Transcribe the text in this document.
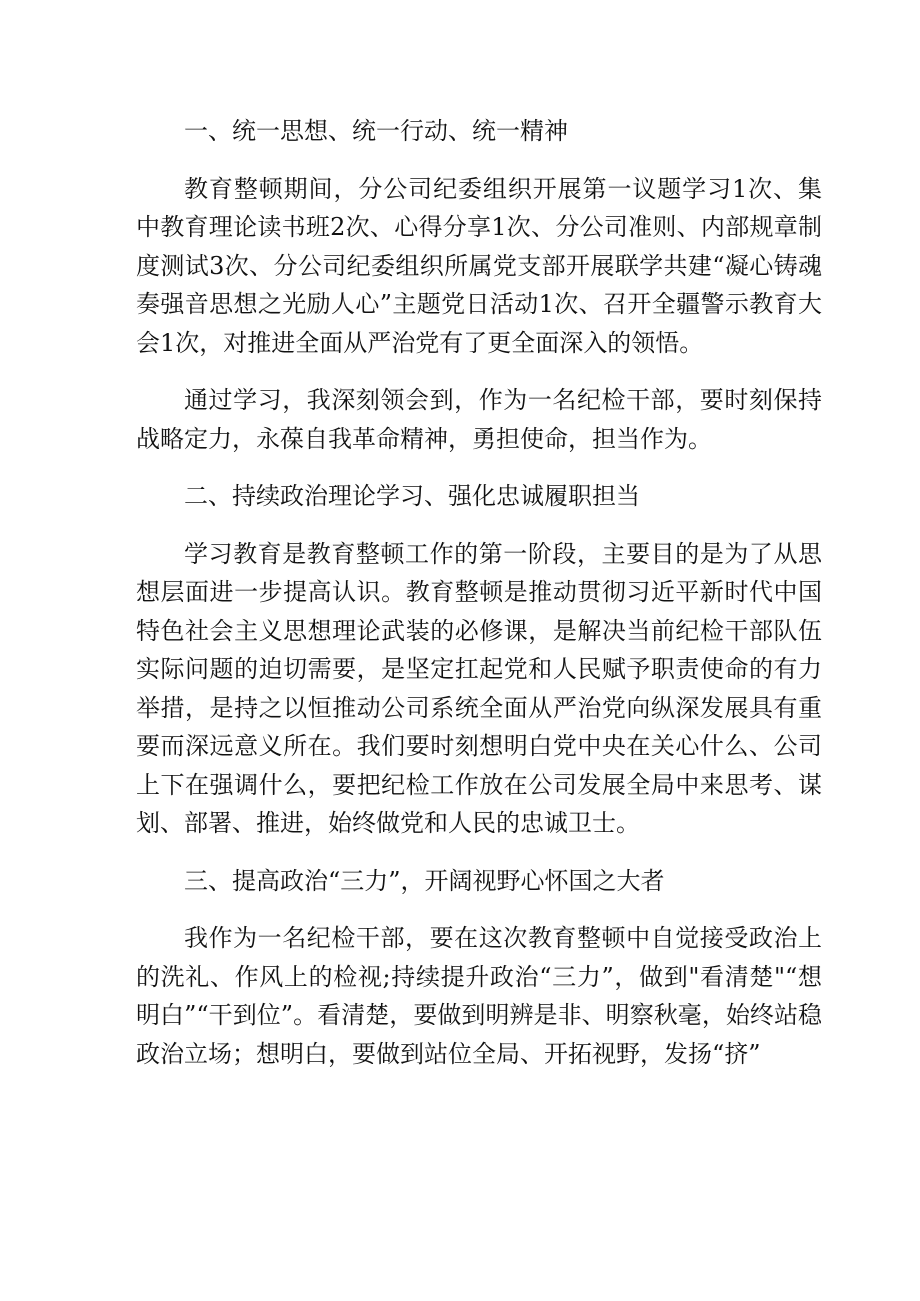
一、统一思想、统一行动、统一精神

教育整顿期间，分公司纪委组织开展第一议题学习1次、集中教育理论读书班2次、心得分享1次、分公司准则、内部规章制度测试3次、分公司纪委组织所属党支部开展联学共建“凝心铸魂奏强音思想之光励人心”主题党日活动1次、召开全疆警示教育大会1次，对推进全面从严治党有了更全面深入的领悟。

通过学习，我深刻领会到，作为一名纪检干部，要时刻保持战略定力，永葆自我革命精神，勇担使命，担当作为。

二、持续政治理论学习、强化忠诚履职担当

学习教育是教育整顿工作的第一阶段，主要目的是为了从思想层面进一步提高认识。教育整顿是推动贯彻习近平新时代中国特色社会主义思想理论武装的必修课，是解决当前纪检干部队伍实际问题的迫切需要，是坚定扛起党和人民赋予职责使命的有力举措，是持之以恒推动公司系统全面从严治党向纵深发展具有重要而深远意义所在。我们要时刻想明白党中央在关心什么、公司上下在强调什么，要把纪检工作放在公司发展全局中来思考、谋划、部署、推进，始终做党和人民的忠诚卫士。

三、提高政治“三力”，开阔视野心怀国之大者

我作为一名纪检干部，要在这次教育整顿中自觉接受政治上的洗礼、作风上的检视;持续提升政治“三力”，做到"看清楚"“想明白”“干到位”。看清楚，要做到明辨是非、明察秋毫，始终站稳政治立场；想明白，要做到站位全局、开拓视野，发扬“挤”
